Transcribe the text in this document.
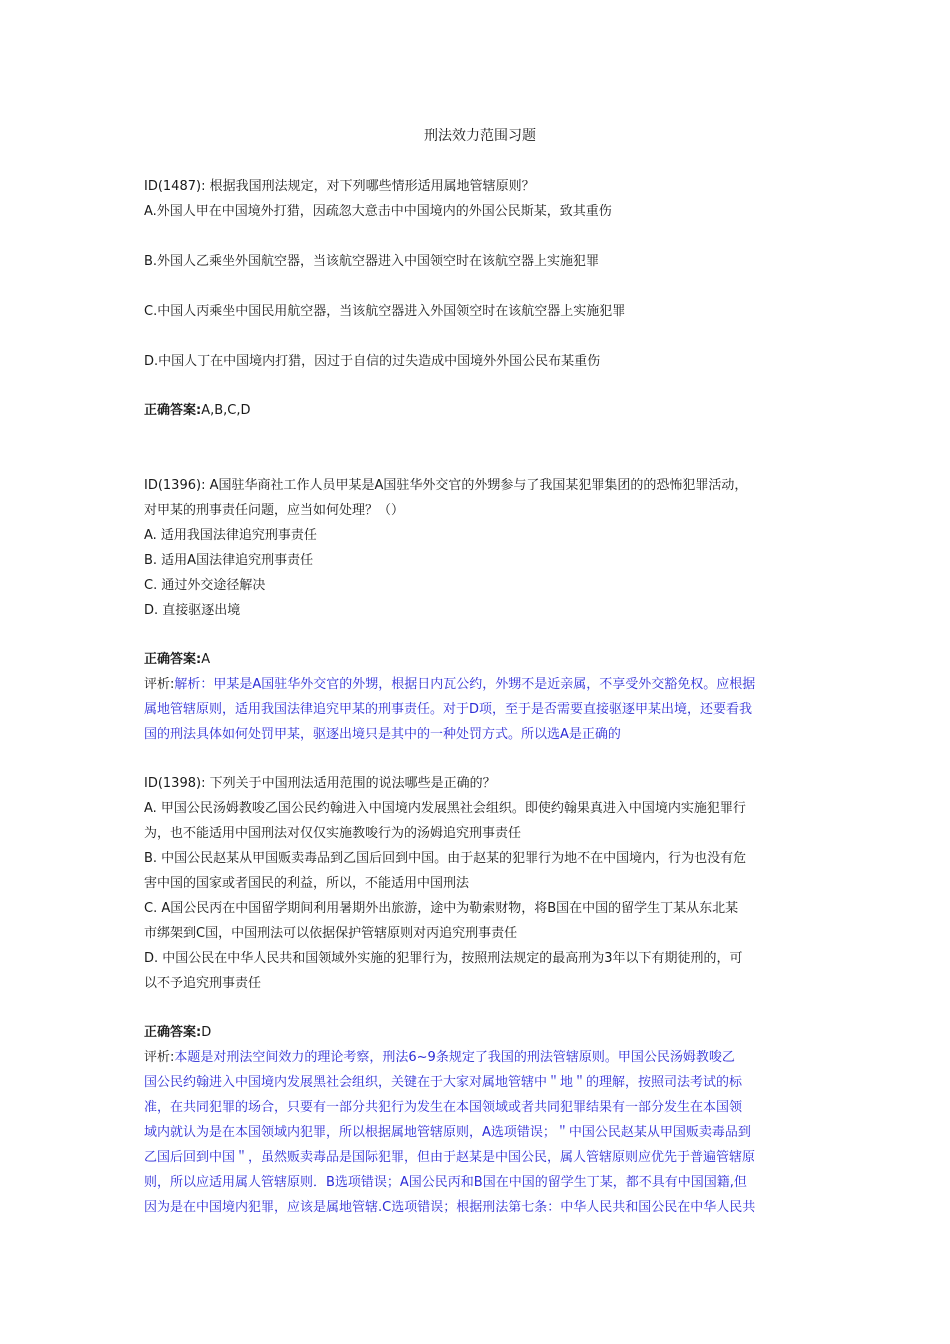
刑法效力范围习题
ID(1487): 根据我国刑法规定，对下列哪些情形适用属地管辖原则？
A.外国人甲在中国境外打猎，因疏忽大意击中中国境内的外国公民斯某，致其重伤
B.外国人乙乘坐外国航空器，当该航空器进入中国领空时在该航空器上实施犯罪
C.中国人丙乘坐中国民用航空器，当该航空器进入外国领空时在该航空器上实施犯罪
D.中国人丁在中国境内打猎，因过于自信的过失造成中国境外外国公民布某重伤
正确答案:A,B,C,D
ID(1396): A国驻华商社工作人员甲某是A国驻华外交官的外甥参与了我国某犯罪集团的的恐怖犯罪活动，
对甲某的刑事责任问题，应当如何处理？（）
A. 适用我国法律追究刑事责任
B. 适用A国法律追究刑事责任
C. 通过外交途径解决
D. 直接驱逐出境
正确答案:A
评析:解析：甲某是A国驻华外交官的外甥，根据日内瓦公约，外甥不是近亲属，不享受外交豁免权。应根据
属地管辖原则，适用我国法律追究甲某的刑事责任。对于D项，至于是否需要直接驱逐甲某出境，还要看我
国的刑法具体如何处罚甲某，驱逐出境只是其中的一种处罚方式。所以选A是正确的
ID(1398): 下列关于中国刑法适用范围的说法哪些是正确的？
A. 甲国公民汤姆教唆乙国公民约翰进入中国境内发展黑社会组织。即使约翰果真进入中国境内实施犯罪行
为，也不能适用中国刑法对仅仅实施教唆行为的汤姆追究刑事责任
B. 中国公民赵某从甲国贩卖毒品到乙国后回到中国。由于赵某的犯罪行为地不在中国境内，行为也没有危
害中国的国家或者国民的利益，所以，不能适用中国刑法
C. A国公民丙在中国留学期间利用暑期外出旅游，途中为勒索财物，将B国在中国的留学生丁某从东北某
市绑架到C国，中国刑法可以依据保护管辖原则对丙追究刑事责任
D. 中国公民在中华人民共和国领域外实施的犯罪行为，按照刑法规定的最高刑为3年以下有期徒刑的，可
以不予追究刑事责任
正确答案:D
评析:本题是对刑法空间效力的理论考察，刑法6~9条规定了我国的刑法管辖原则。甲国公民汤姆教唆乙
国公民约翰进入中国境内发展黑社会组织，关键在于大家对属地管辖中＂地＂的理解，按照司法考试的标
准，在共同犯罪的场合，只要有一部分共犯行为发生在本国领域或者共同犯罪结果有一部分发生在本国领
域内就认为是在本国领域内犯罪，所以根据属地管辖原则，A选项错误；＂中国公民赵某从甲国贩卖毒品到
乙国后回到中国＂，虽然贩卖毒品是国际犯罪，但由于赵某是中国公民，属人管辖原则应优先于普遍管辖原
则，所以应适用属人管辖原则．B选项错误；A国公民丙和B国在中国的留学生丁某，都不具有中国国籍,但
因为是在中国境内犯罪，应该是属地管辖.C选项错误；根据刑法第七条：中华人民共和国公民在中华人民共
